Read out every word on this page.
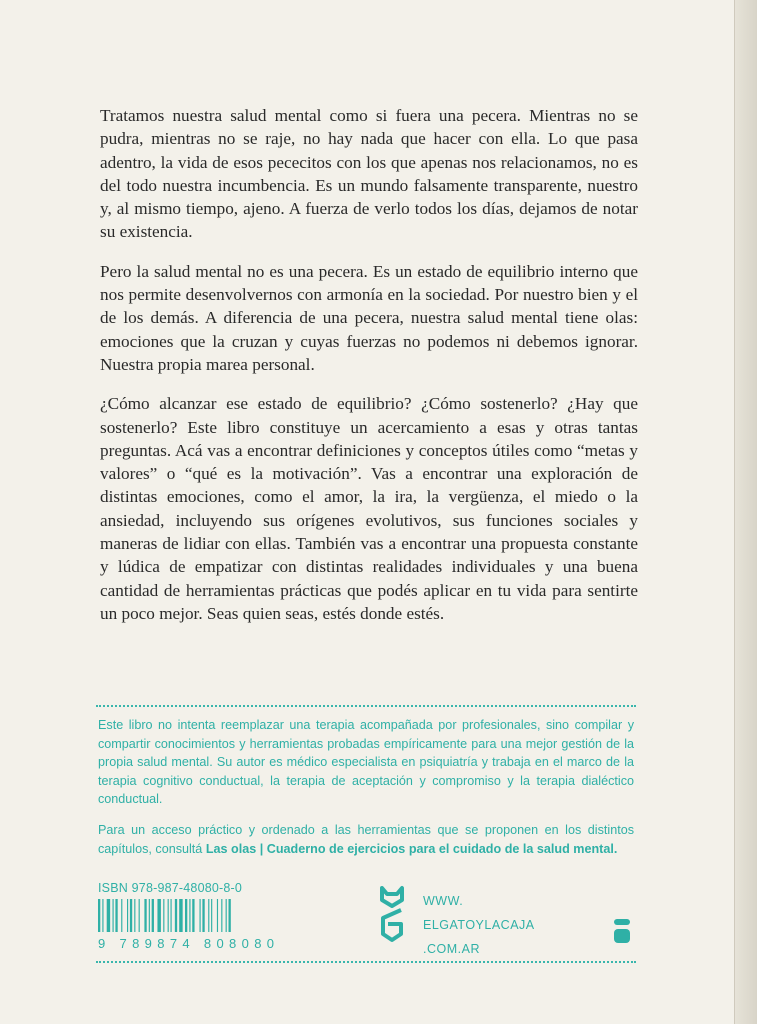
Tratamos nuestra salud mental como si fuera una pecera. Mientras no se pudra, mientras no se raje, no hay nada que hacer con ella. Lo que pasa adentro, la vida de esos pececitos con los que apenas nos relacionamos, no es del todo nuestra incumbencia. Es un mundo falsamente transparente, nuestro y, al mismo tiempo, ajeno. A fuerza de verlo todos los días, dejamos de notar su existencia.

Pero la salud mental no es una pecera. Es un estado de equilibrio interno que nos permite desenvolvernos con armonía en la sociedad. Por nuestro bien y el de los demás. A diferencia de una pecera, nuestra salud mental tiene olas: emociones que la cruzan y cuyas fuerzas no podemos ni debemos ignorar. Nuestra propia marea personal.

¿Cómo alcanzar ese estado de equilibrio? ¿Cómo sostenerlo? ¿Hay que sostenerlo? Este libro constituye un acercamiento a esas y otras tantas preguntas. Acá vas a encontrar definiciones y conceptos útiles como “metas y valores” o “qué es la motivación”. Vas a encontrar una exploración de distintas emociones, como el amor, la ira, la vergüenza, el miedo o la ansiedad, incluyendo sus orígenes evolutivos, sus funciones sociales y maneras de lidiar con ellas. También vas a encontrar una propuesta constante y lúdica de empatizar con distintas realidades individuales y una buena cantidad de herramientas prácticas que podés aplicar en tu vida para sentirte un poco mejor. Seas quien seas, estés donde estés.

Este libro no intenta reemplazar una terapia acompañada por profesionales, sino compilar y compartir conocimientos y herramientas probadas empíricamente para una mejor gestión de la propia salud mental. Su autor es médico especialista en psiquiatría y trabaja en el marco de la terapia cognitivo conductual, la terapia de aceptación y compromiso y la terapia dialéctico conductual.
Para un acceso práctico y ordenado a las herramientas que se proponen en los distintos capítulos, consultá Las olas | Cuaderno de ejercicios para el cuidado de la salud mental.
ISBN 978-987-48080-8-0
9 789874 808080
WWW.
ELGATOYLACAJA
.COM.AR
